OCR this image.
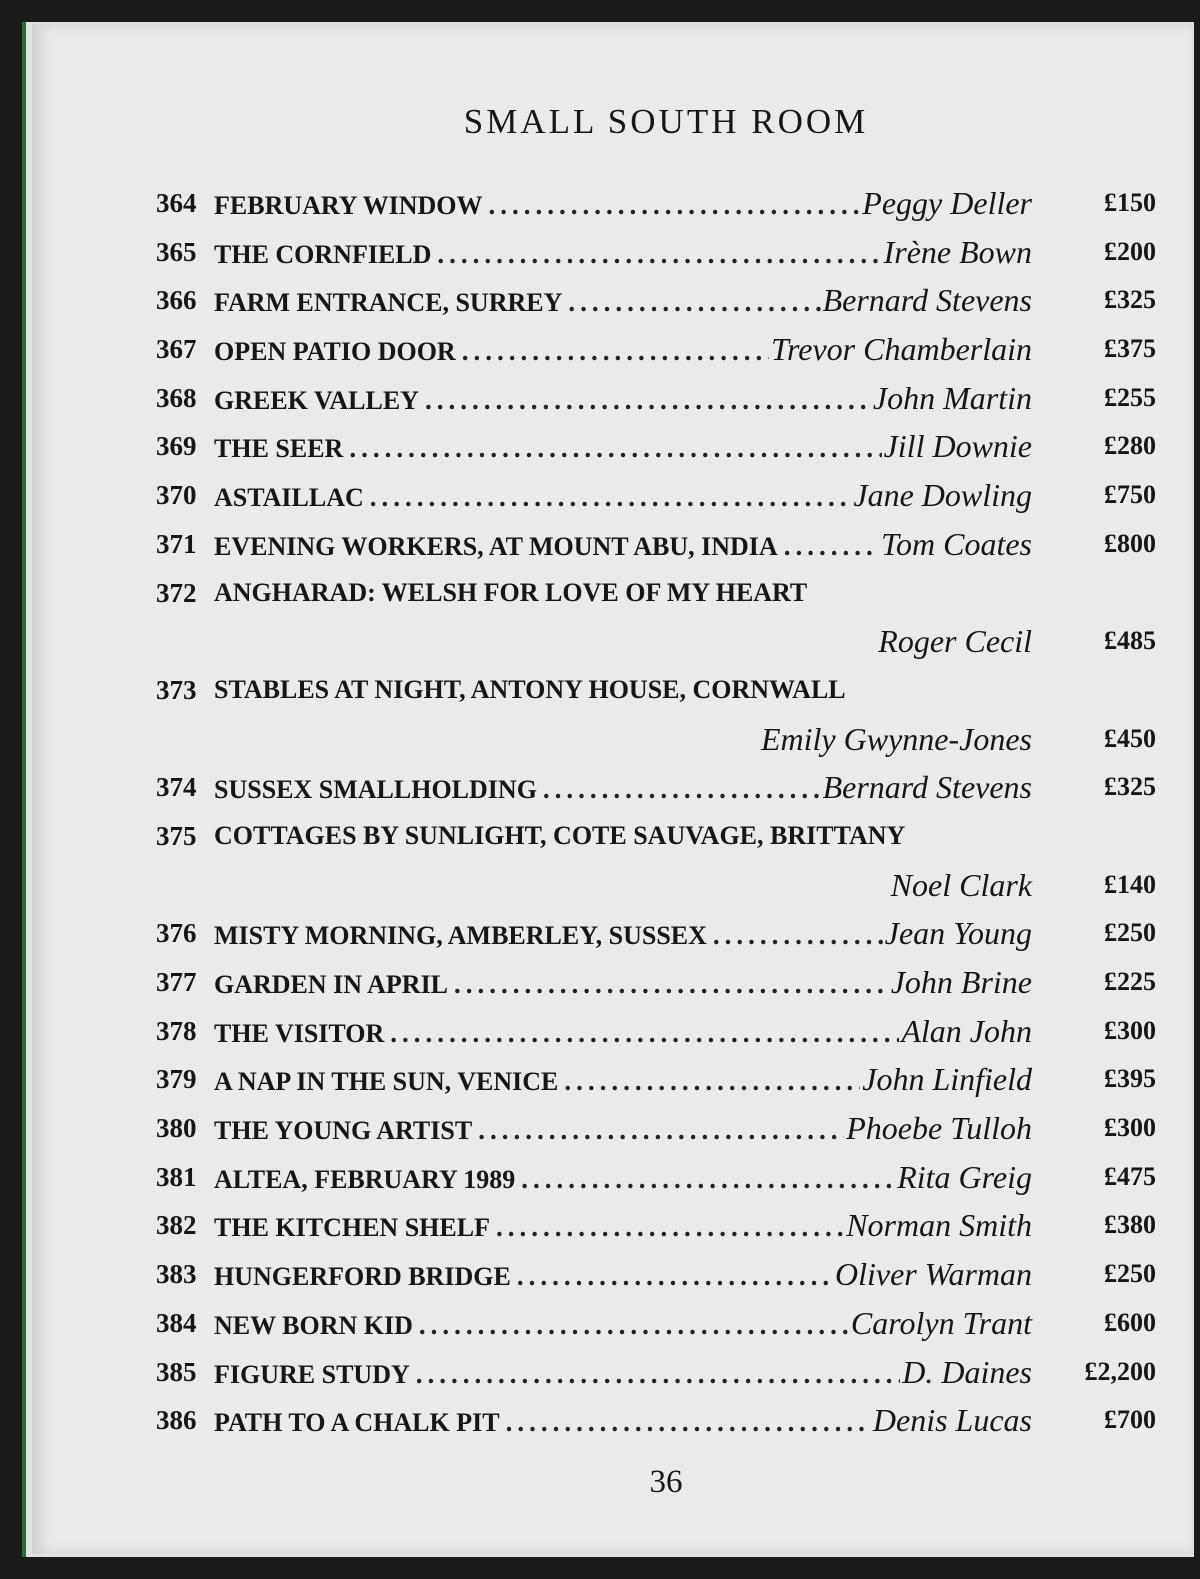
SMALL SOUTH ROOM
364 FEBRUARY WINDOW .....	Peggy Deller	£150
365 THE CORNFIELD .....	Irène Bown	£200
366 FARM ENTRANCE, SURREY .....	Bernard Stevens	£325
367 OPEN PATIO DOOR .....	Trevor Chamberlain	£375
368 GREEK VALLEY .....	John Martin	£255
369 THE SEER .....	Jill Downie	£280
370 ASTAILLAC .....	Jane Dowling	£750
371 EVENING WORKERS, AT MOUNT ABU, INDIA .....	Tom Coates	£800
372 ANGHARAD: WELSH FOR LOVE OF MY HEART
Roger Cecil	£485
373 STABLES AT NIGHT, ANTONY HOUSE, CORNWALL
Emily Gwynne-Jones	£450
374 SUSSEX SMALLHOLDING .....	Bernard Stevens	£325
375 COTTAGES BY SUNLIGHT, COTE SAUVAGE, BRITTANY
Noel Clark	£140
376 MISTY MORNING, AMBERLEY, SUSSEX .....	Jean Young	£250
377 GARDEN IN APRIL .....	John Brine	£225
378 THE VISITOR .....	Alan John	£300
379 A NAP IN THE SUN, VENICE .....	John Linfield	£395
380 THE YOUNG ARTIST .....	Phoebe Tulloh	£300
381 ALTEA, FEBRUARY 1989 .....	Rita Greig	£475
382 THE KITCHEN SHELF .....	Norman Smith	£380
383 HUNGERFORD BRIDGE .....	Oliver Warman	£250
384 NEW BORN KID .....	Carolyn Trant	£600
385 FIGURE STUDY .....	D. Daines £2,200
386 PATH TO A CHALK PIT .....	Denis Lucas	£700
36
